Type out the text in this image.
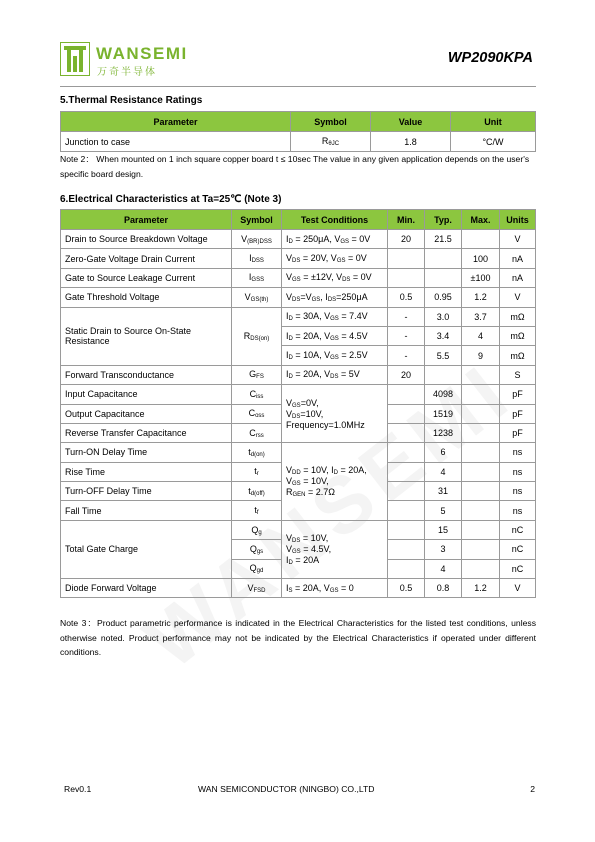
WANSEMI
万奇半导体
WP2090KPA
5.Thermal Resistance Ratings
Parameter	Symbol	Value	Unit
Junction to case	$R_{\theta JC}$	1.8	°C/W
Note 2： When mounted on 1 inch square copper board t ≤ 10sec The value in any given application depends on the user's specific board design.
6.Electrical Characteristics at Ta=25℃ (Note 3)
Parameter	Symbol	Test Conditions	Min.	Typ.	Max.	Units
Drain to Source Breakdown Voltage	$V_{(BR)DSS}$	$I_D = 250\mu A$, $V_{GS} = 0V$	20	21.5		V
Zero-Gate Voltage Drain Current	$I_{DSS}$	$V_{DS} = 20V$, $V_{GS} = 0V$			100	nA
Gate to Source Leakage Current	$I_{GSS}$	$V_{GS} = \pm 12V$, $V_{DS} = 0V$			±100	nA
Gate Threshold Voltage	$V_{GS(th)}$	$V_{DS}=V_{GS}$, $I_{DS}=250\mu A$	0.5	0.95	1.2	V
Static Drain to Source On-State Resistance	$R_{DS(on)}$	$I_D = 30A$, $V_{GS} = 7.4V$	-	3.0	3.7	mΩ
		$I_D = 20A$, $V_{GS} = 4.5V$	-	3.4	4	mΩ
		$I_D = 10A$, $V_{GS} = 2.5V$	-	5.5	9	mΩ
Forward Transconductance	$G_{FS}$	$I_D = 20A$, $V_{DS} = 5V$	20			S
Input Capacitance	$C_{iss}$	$V_{GS}=0V$,
$V_{DS}=10V$,
Frequency=1.0MHz		4098		pF
Output Capacitance	$C_{oss}$			1519		pF
Reverse Transfer Capacitance	$C_{rss}$			1238		pF
Turn-ON Delay Time	$t_{d(on)}$	$V_{DD} = 10V$, $I_D = 20A$,
$V_{GS} = 10V$,
$R_{GEN} = 2.7\Omega$		6		ns
Rise Time	$t_r$			4		ns
Turn-OFF Delay Time	$t_{d(off)}$			31		ns
Fall Time	$t_f$			5		ns
Total Gate Charge	$Q_g$	$V_{DS} = 10V$,
$V_{GS} = 4.5V$,
$I_D = 20A$		15		nC
	$Q_{gs}$			3		nC
	$Q_{gd}$			4		nC
Diode Forward Voltage	$V_{FSD}$	$I_S = 20A$, $V_{GS} = 0$	0.5	0.8	1.2	V
Note 3：Product parametric performance is indicated in the Electrical Characteristics for the listed test conditions, unless otherwise noted. Product performance may not be indicated by the Electrical Characteristics if operated under different conditions.
Rev0.1	WAN SEMICONDUCTOR (NINGBO) CO.,LTD	2
